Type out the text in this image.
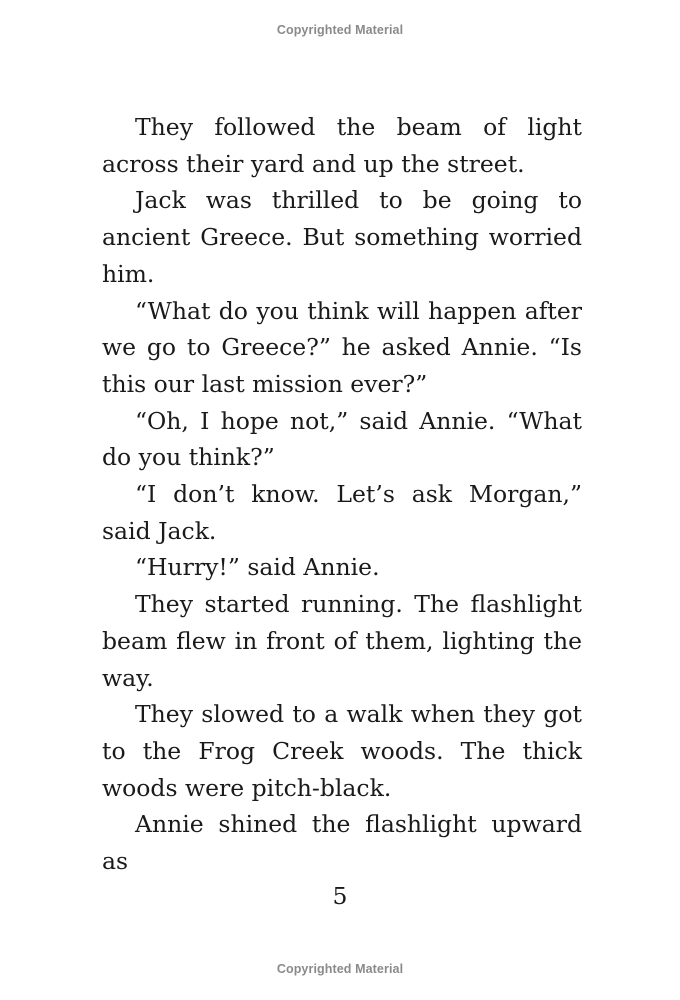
Copyrighted Material

They followed the beam of light across their yard and up the street.

Jack was thrilled to be going to ancient Greece. But something worried him.

“What do you think will happen after we go to Greece?” he asked Annie. “Is this our last mission ever?”

“Oh, I hope not,” said Annie. “What do you think?”

“I don’t know. Let’s ask Morgan,” said Jack.

“Hurry!” said Annie.

They started running. The flashlight beam flew in front of them, lighting the way.

They slowed to a walk when they got to the Frog Creek woods. The thick woods were pitch-black.

Annie shined the flashlight upward as

5
Copyrighted Material
